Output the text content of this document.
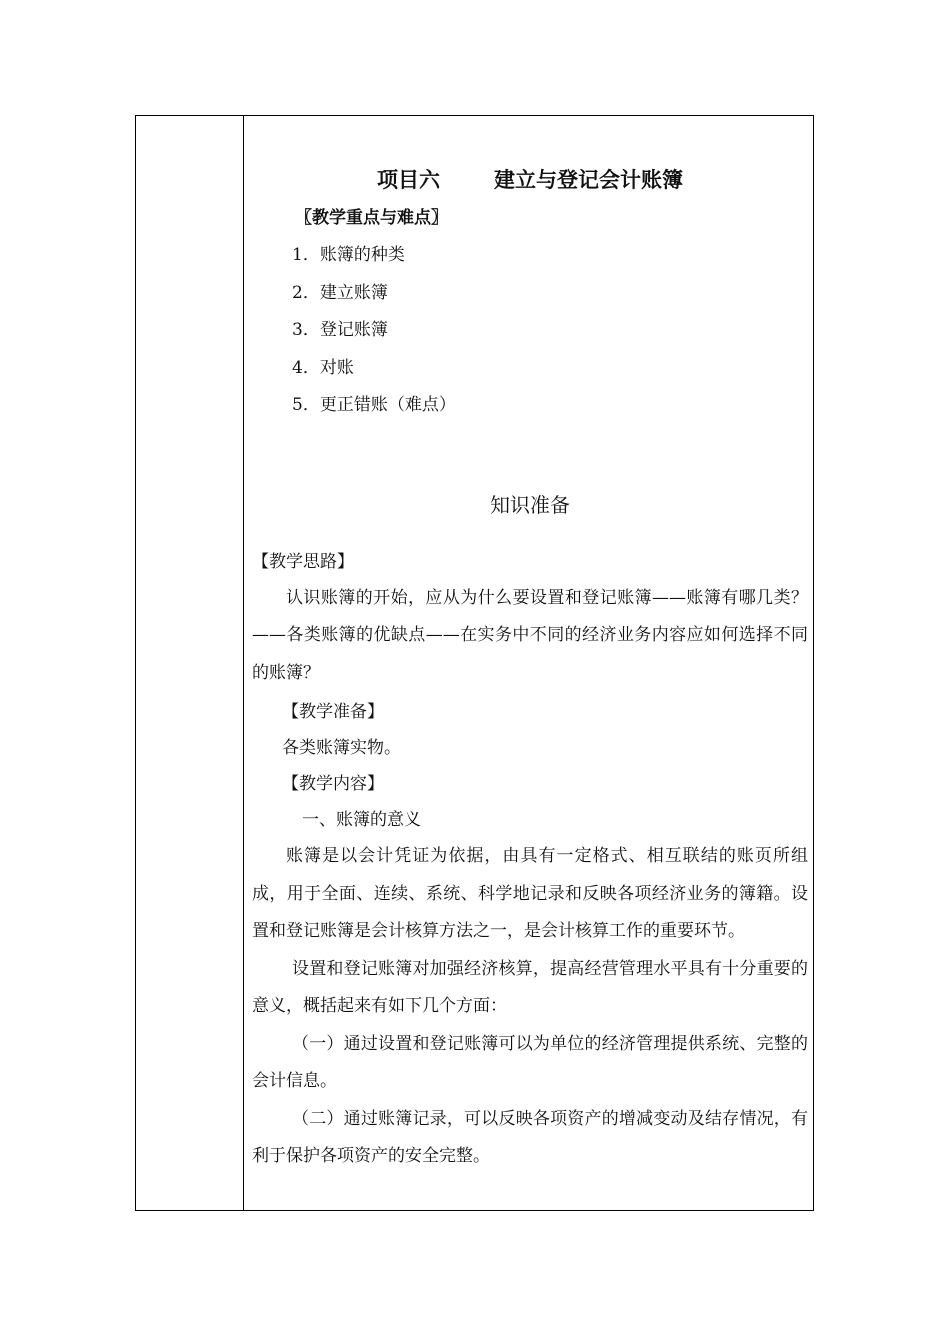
项目六	建立与登记会计账簿
〖教学重点与难点〗
1．账簿的种类
2．建立账簿
3．登记账簿
4．对账
5．更正错账（难点）
知识准备
【教学思路】
认识账簿的开始，应从为什么要设置和登记账簿——账簿有哪几类？——各类账簿的优缺点——在实务中不同的经济业务内容应如何选择不同的账簿？
【教学准备】
各类账簿实物。
【教学内容】
一、账簿的意义
账簿是以会计凭证为依据，由具有一定格式、相互联结的账页所组成，用于全面、连续、系统、科学地记录和反映各项经济业务的簿籍。设置和登记账簿是会计核算方法之一，是会计核算工作的重要环节。
设置和登记账簿对加强经济核算，提高经营管理水平具有十分重要的意义，概括起来有如下几个方面：
（一）通过设置和登记账簿可以为单位的经济管理提供系统、完整的会计信息。
（二）通过账簿记录，可以反映各项资产的增减变动及结存情况，有利于保护各项资产的安全完整。
